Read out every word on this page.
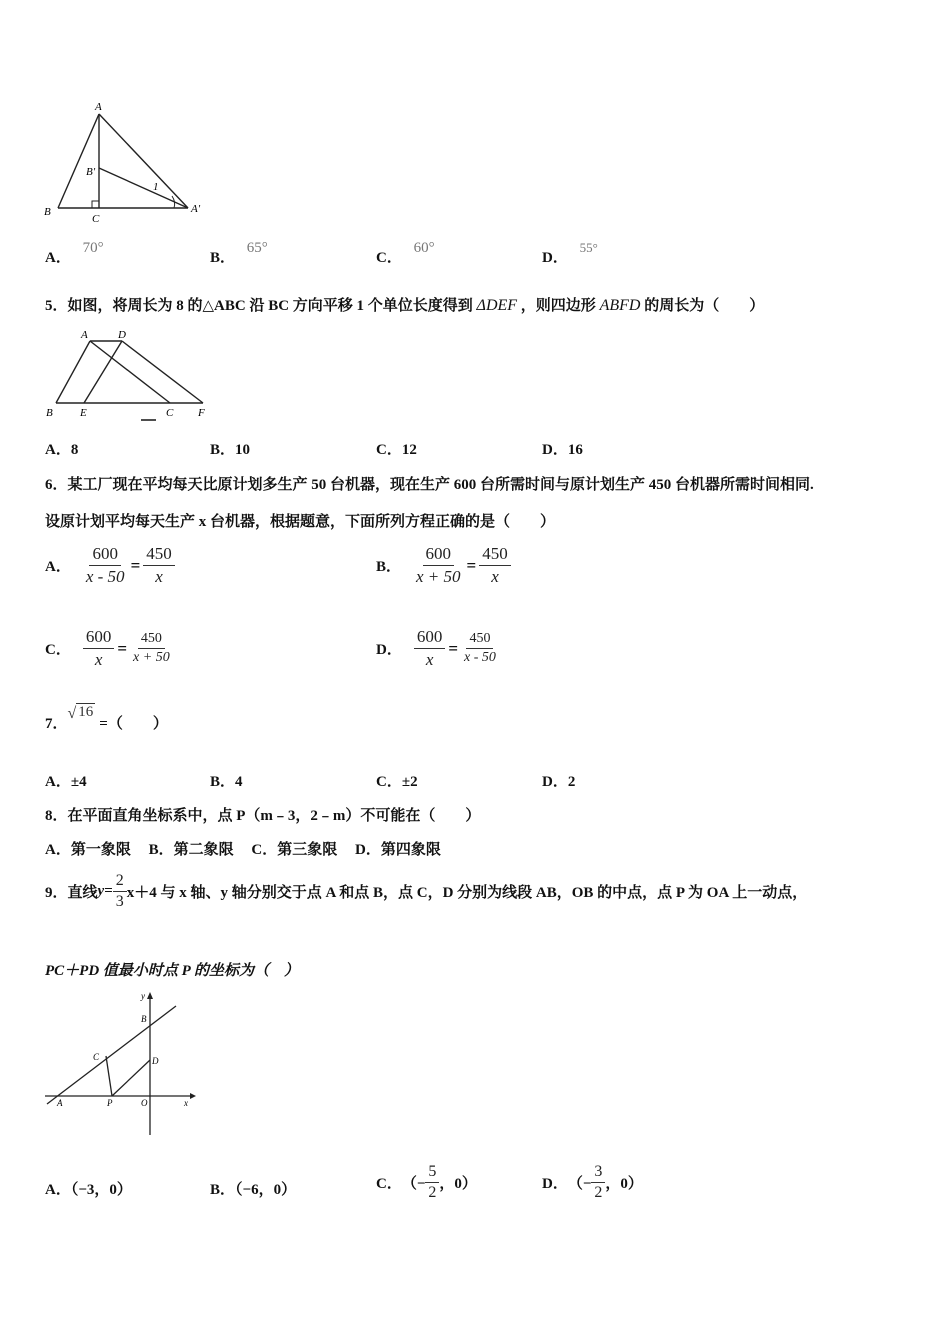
A
B
B′
C
A′
1
A． 70°
B． 65°
C． 60°
D． 55°
5．如图，将周长为 8 的△ABC 沿 BC 方向平移 1 个单位长度得到 ΔDEF ，则四边形 ABFD 的周长为（　　）
A	D
B E	C F
A．8	B．10	C．12	D．16
6．某工厂现在平均每天比原计划多生产 50 台机器，现在生产 600 台所需时间与原计划生产 450 台机器所需时间相同.
设原计划平均每天生产 x 台机器，根据题意，下面所列方程正确的是（　　）
A． $\frac{600}{x - 50} = \frac{450}{x}$	B． $\frac{600}{x + 50} = \frac{450}{x}$
C． $\frac{600}{x} = \frac{450}{x + 50}$	D． $\frac{600}{x} = \frac{450}{x - 50}$
7．
√ 16
=（　　）
A．±4	B．4	C．±2	D．2
8．在平面直角坐标系中，点 P（m﹣3，2﹣m）不可能在（　　）
A．第一象限 B．第二象限 C．第三象限 D．第四象限
9．直线 $y = \frac{2}{3} x+4$ 与 x 轴、y 轴分别交于点 A 和点 B，点 C，D 分别为线段 AB，OB 的中点，点 P 为 OA 上一动点，
PC＋PD 值最小时点 P 的坐标为（　）
y
B
C	D
A	P	O	x
A．（−3，0）	B．（−6，0）	C． （− $\frac{5}{2}$ ，0）	D． （− $\frac{3}{2}$ ，0）
